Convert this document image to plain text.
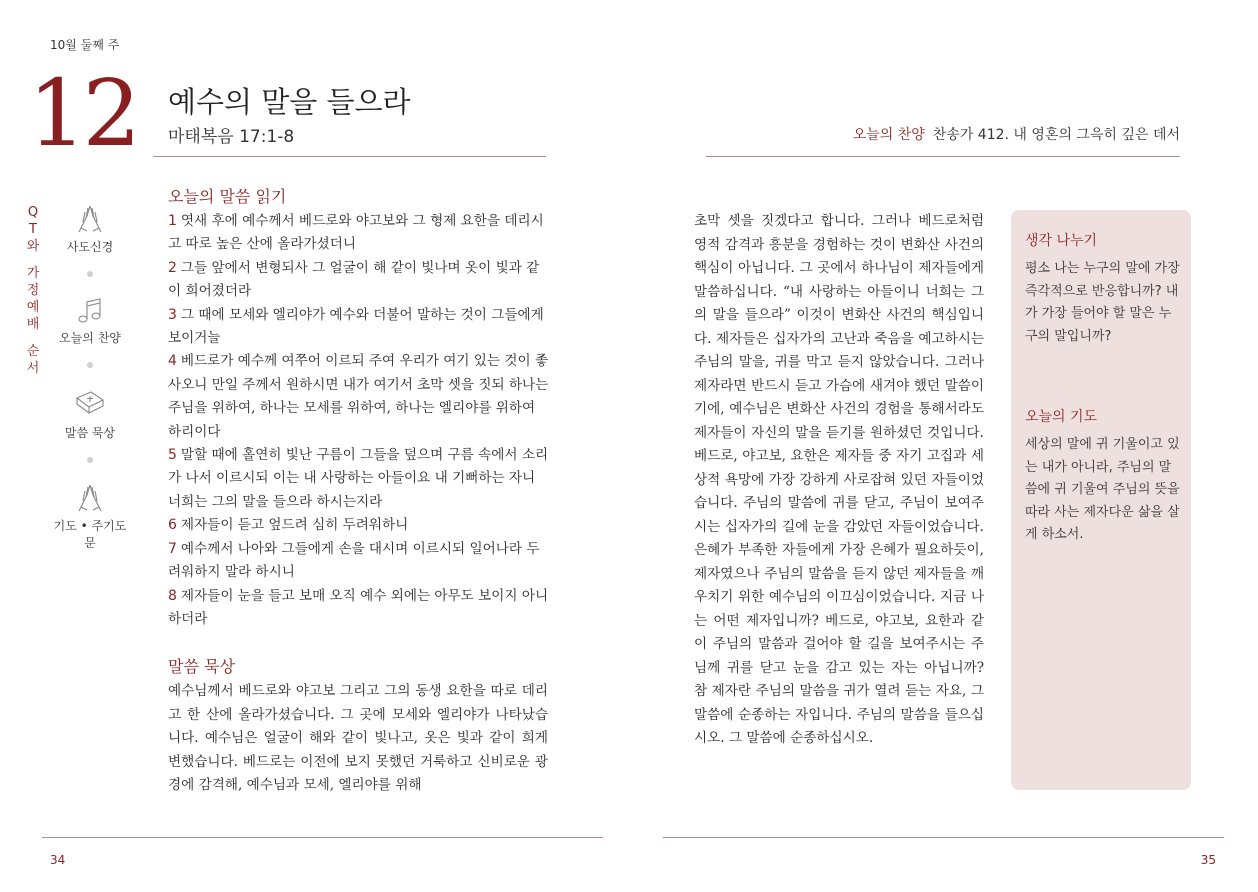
10월 둘째 주
12 예수의 말을 들으라
마태복음 17:1-8	오늘의 찬양 찬송가 412. 내 영혼의 그윽히 깊은 데서
Q
T
와
가
정
예
배
순
서
사도신경
오늘의 찬양
말씀 묵상
기도 • 주기도문
오늘의 말씀 읽기
1 엿새 후에 예수께서 베드로와 야고보와 그 형제 요한을 데리시고 따로 높은 산에 올라가셨더니
2 그들 앞에서 변형되사 그 얼굴이 해 같이 빛나며 옷이 빛과 같이 희어졌더라
3 그 때에 모세와 엘리야가 예수와 더불어 말하는 것이 그들에게 보이거늘
4 베드로가 예수께 여쭈어 이르되 주여 우리가 여기 있는 것이 좋사오니 만일 주께서 원하시면 내가 여기서 초막 셋을 짓되 하나는 주님을 위하여, 하나는 모세를 위하여, 하나는 엘리야를 위하여 하리이다
5 말할 때에 홀연히 빛난 구름이 그들을 덮으며 구름 속에서 소리가 나서 이르시되 이는 내 사랑하는 아들이요 내 기뻐하는 자니 너희는 그의 말을 들으라 하시는지라
6 제자들이 듣고 엎드려 심히 두려워하니
7 예수께서 나아와 그들에게 손을 대시며 이르시되 일어나라 두려워하지 말라 하시니
8 제자들이 눈을 들고 보매 오직 예수 외에는 아무도 보이지 아니하더라
말씀 묵상
예수님께서 베드로와 야고보 그리고 그의 동생 요한을 따로 데리고 한 산에 올라가셨습니다. 그 곳에 모세와 엘리야가 나타났습니다. 예수님은 얼굴이 해와 같이 빛나고, 옷은 빛과 같이 희게 변했습니다. 베드로는 이전에 보지 못했던 거룩하고 신비로운 광경에 감격해, 예수님과 모세, 엘리야를 위해
초막 셋을 짓겠다고 합니다. 그러나 베드로처럼 영적 감격과 흥분을 경험하는 것이 변화산 사건의 핵심이 아닙니다. 그 곳에서 하나님이 제자들에게 말씀하십니다. “내 사랑하는 아들이니 너희는 그의 말을 들으라” 이것이 변화산 사건의 핵심입니다. 제자들은 십자가의 고난과 죽음을 예고하시는 주님의 말을, 귀를 막고 듣지 않았습니다. 그러나 제자라면 반드시 듣고 가슴에 새겨야 했던 말씀이기에, 예수님은 변화산 사건의 경험을 통해서라도 제자들이 자신의 말을 듣기를 원하셨던 것입니다. 베드로, 야고보, 요한은 제자들 중 자기 고집과 세상적 욕망에 가장 강하게 사로잡혀 있던 자들이었습니다. 주님의 말씀에 귀를 닫고, 주님이 보여주시는 십자가의 길에 눈을 감았던 자들이었습니다. 은혜가 부족한 자들에게 가장 은혜가 필요하듯이, 제자였으나 주님의 말씀을 듣지 않던 제자들을 깨우치기 위한 예수님의 이끄심이었습니다. 지금 나는 어떤 제자입니까? 베드로, 야고보, 요한과 같이 주님의 말씀과 걸어야 할 길을 보여주시는 주님께 귀를 닫고 눈을 감고 있는 자는 아닙니까? 참 제자란 주님의 말씀을 귀가 열려 듣는 자요, 그 말씀에 순종하는 자입니다. 주님의 말씀을 들으십시오. 그 말씀에 순종하십시오.
생각 나누기
평소 나는 누구의 말에 가장 즉각적으로 반응합니까? 내가 가장 들어야 할 말은 누구의 말입니까?
오늘의 기도
세상의 말에 귀 기울이고 있는 내가 아니라, 주님의 말씀에 귀 기울여 주님의 뜻을 따라 사는 제자다운 삶을 살게 하소서.
34	35
